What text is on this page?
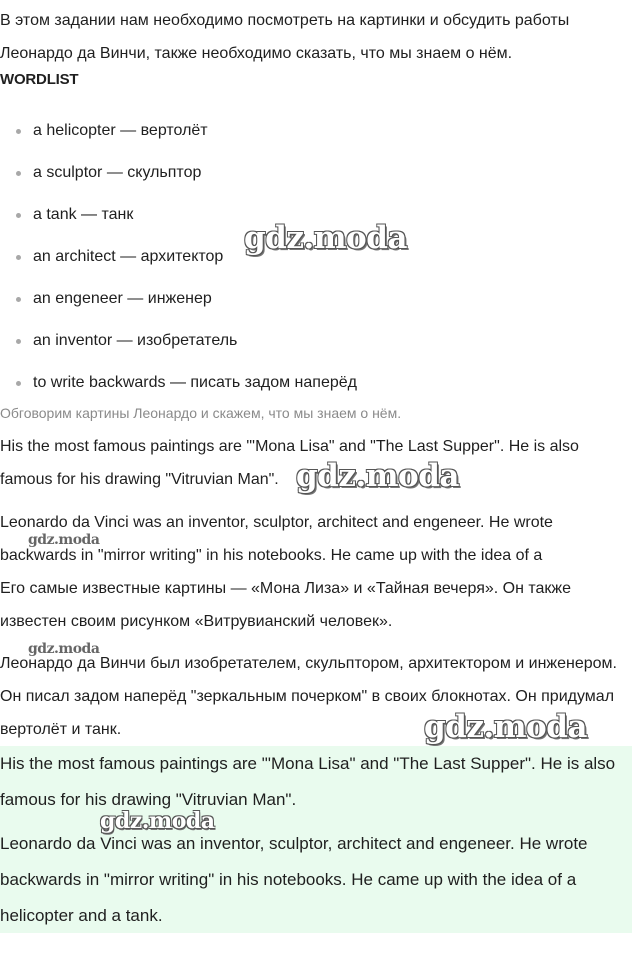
В этом задании нам необходимо посмотреть на картинки и обсудить работы Леонардо да Винчи, также необходимо сказать, что мы знаем о нём.

WORDLIST

a helicopter — вертолёт
a sculptor — скульптор
a tank — танк
an architect — архитектор
an engeneer — инженер
an inventor — изобретатель
to write backwards — писать задом наперёд

Обговорим картины Леонардо и скажем, что мы знаем о нём.

His the most famous paintings are "'Mona Lisa" and "The Last Supper". He is also famous for his drawing "Vitruvian Man".

Leonardo da Vinci was an inventor, sculptor, architect and engeneer. He wrote backwards in "mirror writing" in his notebooks. He came up with the idea of a

Его самые известные картины — «Мона Лиза» и «Тайная вечеря». Он также известен своим рисунком «Витрувианский человек».

Леонардо да Винчи был изобретателем, скульптором, архитектором и инженером. Он писал задом наперёд "зеркальным почерком" в своих блокнотах. Он придумал вертолёт и танк.

His the most famous paintings are "'Mona Lisa" and "The Last Supper". He is also famous for his drawing "Vitruvian Man".

Leonardo da Vinci was an inventor, sculptor, architect and engeneer. He wrote backwards in "mirror writing" in his notebooks. He came up with the idea of a helicopter and a tank.

gdz.moda
gdz.moda
gdz.moda
gdz.moda
gdz.moda
gdz.moda
